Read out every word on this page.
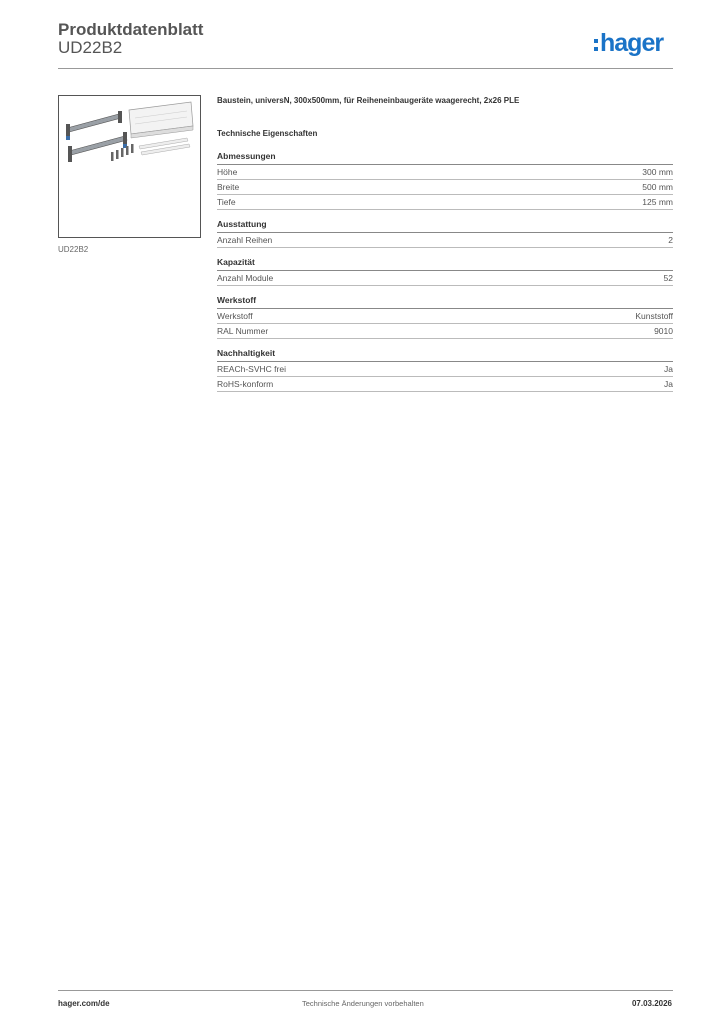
Produktdatenblatt
UD22B2	hager
UD22B2
Baustein, universN, 300x500mm, für Reiheneinbaugeräte waagerecht, 2x26 PLE
Technische Eigenschaften
Abmessungen
Höhe	300 mm
Breite	500 mm
Tiefe	125 mm
Ausstattung
Anzahl Reihen	2
Kapazität
Anzahl Module	52
Werkstoff
Werkstoff	Kunststoff
RAL Nummer	9010
Nachhaltigkeit
REACh-SVHC frei	Ja
RoHS-konform	Ja
hager.com/de	Technische Änderungen vorbehalten	07.03.2026
